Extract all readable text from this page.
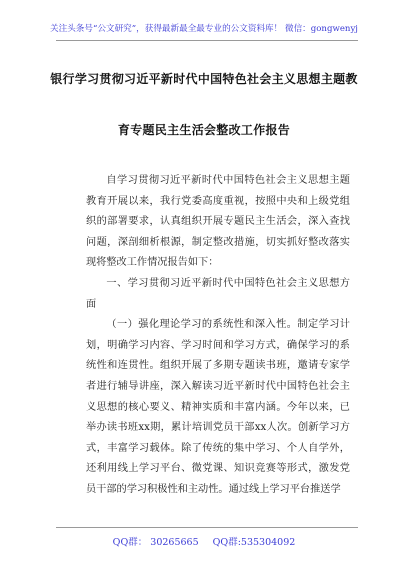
关注头条号“公文研究”，获得最新最全最专业的公文资料库！ 微信：gongwenyj
银行学习贯彻习近平新时代中国特色社会主义思想主题教
育专题民主生活会整改工作报告

自学习贯彻习近平新时代中国特色社会主义思想主题教育开展以来，我行党委高度重视，按照中央和上级党组织的部署要求，认真组织开展专题民主生活会，深入查找问题，深剖细析根源，制定整改措施，切实抓好整改落实现将整改工作情况报告如下：

一、学习贯彻习近平新时代中国特色社会主义思想方面

（一）强化理论学习的系统性和深入性。制定学习计划，明确学习内容、学习时间和学习方式，确保学习的系统性和连贯性。组织开展了多期专题读书班，邀请专家学者进行辅导讲座，深入解读习近平新时代中国特色社会主义思想的核心要义、精神实质和丰富内涵。今年以来，已举办读书班xx期，累计培训党员干部xx人次。创新学习方式，丰富学习载体。除了传统的集中学习、个人自学外，还利用线上学习平台、微党课、知识竞赛等形式，激发党员干部的学习积极性和主动性。通过线上学习平台推送学

QQ群： 30265665 QQ群:535304092
